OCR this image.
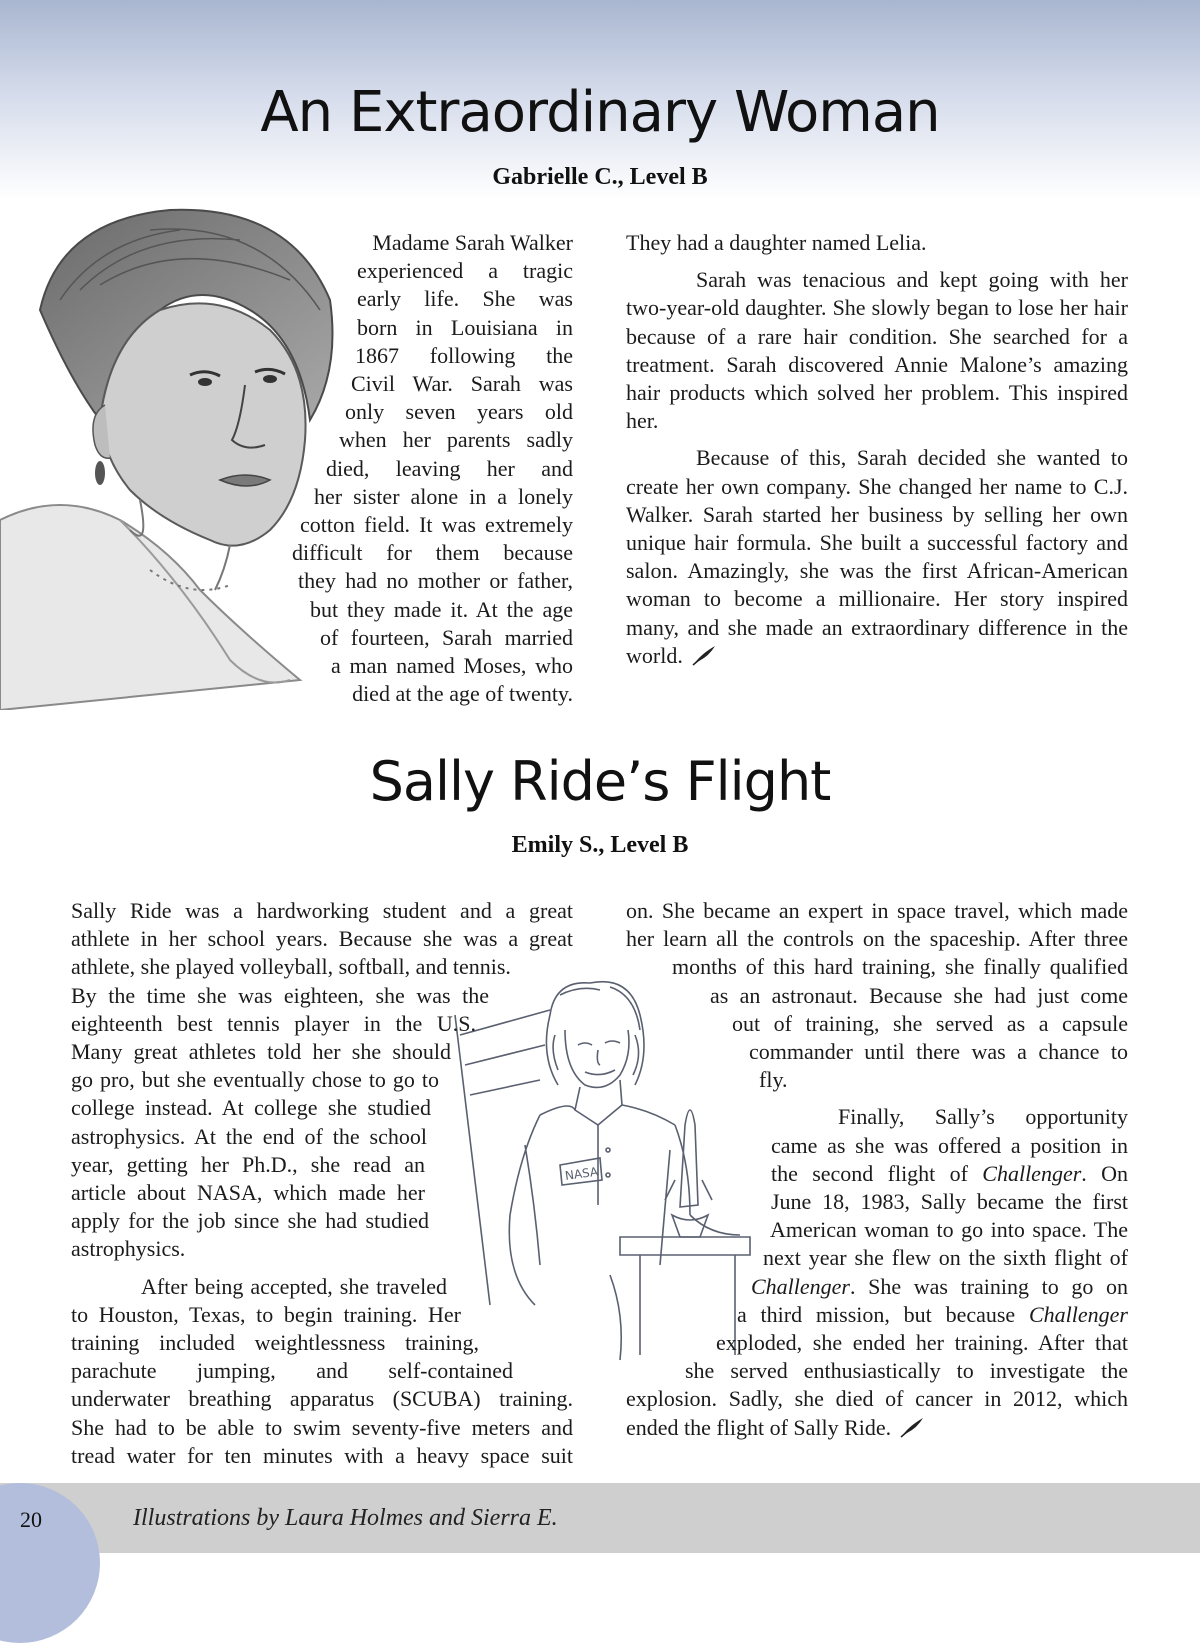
An Extraordinary Woman
Gabrielle C., Level B
Madame Sarah Walker
experienced a tragic
early life. She was
born in Louisiana in
1867 following the
Civil War. Sarah was
only seven years old
when her parents sadly
died, leaving her and
her sister alone in a lonely
cotton field. It was extremely
difficult for them because
they had no mother or father,
but they made it. At the age
of fourteen, Sarah married
a man named Moses, who
died at the age of twenty.

They had a daughter named Lelia.

Sarah was tenacious and kept going with her two-year-old daughter. She slowly began to lose her hair because of a rare hair condition. She searched for a treatment. Sarah discovered Annie Malone’s amazing hair products which solved her problem. This inspired her.

Because of this, Sarah decided she wanted to create her own company. She changed her name to C.J. Walker. Sarah started her business by selling her own unique hair formula. She built a successful factory and salon. Amazingly, she was the first African-American woman to become a millionaire. Her story inspired many, and she made an extraordinary difference in the world.

Sally Ride’s Flight
Emily S., Level B
NASA
Sally Ride was a hardworking student and a great
athlete in her school years. Because she was a great
athlete, she played volleyball, softball, and tennis.
By the time she was eighteen, she was the
eighteenth best tennis player in the U.S.
Many great athletes told her she should
go pro, but she eventually chose to go to
college instead. At college she studied
astrophysics. At the end of the school
year, getting her Ph.D., she read an
article about NASA, which made her
apply for the job since she had studied
astrophysics.
After being accepted, she traveled
to Houston, Texas, to begin training. Her
training included weightlessness training,
parachute jumping, and self-contained
underwater breathing apparatus (SCUBA) training.
She had to be able to swim seventy-five meters and
tread water for ten minutes with a heavy space suit
on. She became an expert in space travel, which made
her learn all the controls on the spaceship. After three
months of this hard training, she finally qualified
as an astronaut. Because she had just come
out of training, she served as a capsule
commander until there was a chance to
fly.
Finally, Sally’s opportunity
came as she was offered a position in
the second flight of Challenger. On
June 18, 1983, Sally became the first
American woman to go into space. The
next year she flew on the sixth flight of
Challenger. She was training to go on
a third mission, but because Challenger
exploded, she ended her training. After that
she served enthusiastically to investigate the
explosion. Sadly, she died of cancer in 2012, which
ended the flight of Sally Ride.
20	Illustrations by Laura Holmes and Sierra E.
